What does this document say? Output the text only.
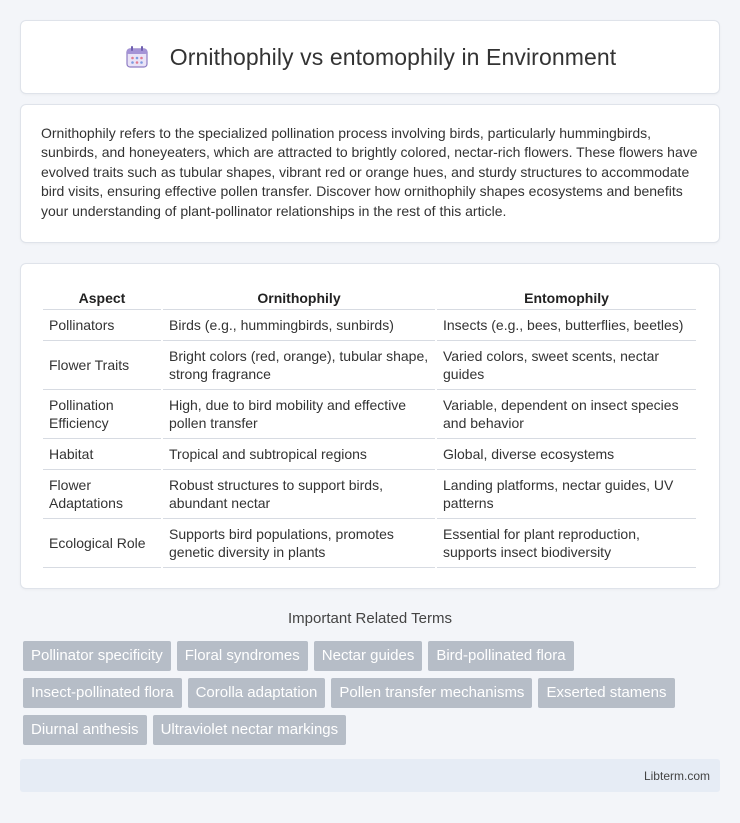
Ornithophily vs entomophily in Environment

Ornithophily refers to the specialized pollination process involving birds, particularly hummingbirds, sunbirds, and honeyeaters, which are attracted to brightly colored, nectar-rich flowers. These flowers have evolved traits such as tubular shapes, vibrant red or orange hues, and sturdy structures to accommodate bird visits, ensuring effective pollen transfer. Discover how ornithophily shapes ecosystems and benefits your understanding of plant-pollinator relationships in the rest of this article.

Aspect	Ornithophily	Entomophily
Pollinators	Birds (e.g., hummingbirds, sunbirds)	Insects (e.g., bees, butterflies, beetles)
Flower Traits	Bright colors (red, orange), tubular shape, strong fragrance	Varied colors, sweet scents, nectar guides
Pollination Efficiency	High, due to bird mobility and effective pollen transfer	Variable, dependent on insect species and behavior
Habitat	Tropical and subtropical regions	Global, diverse ecosystems
Flower Adaptations	Robust structures to support birds, abundant nectar	Landing platforms, nectar guides, UV patterns
Ecological Role	Supports bird populations, promotes genetic diversity in plants	Essential for plant reproduction, supports insect biodiversity
Important Related Terms
Pollinator specificity	Floral syndromes	Nectar guides	Bird-pollinated flora
Insect-pollinated flora	Corolla adaptation	Pollen transfer mechanisms	Exserted stamens
Diurnal anthesis	Ultraviolet nectar markings
Libterm.com
